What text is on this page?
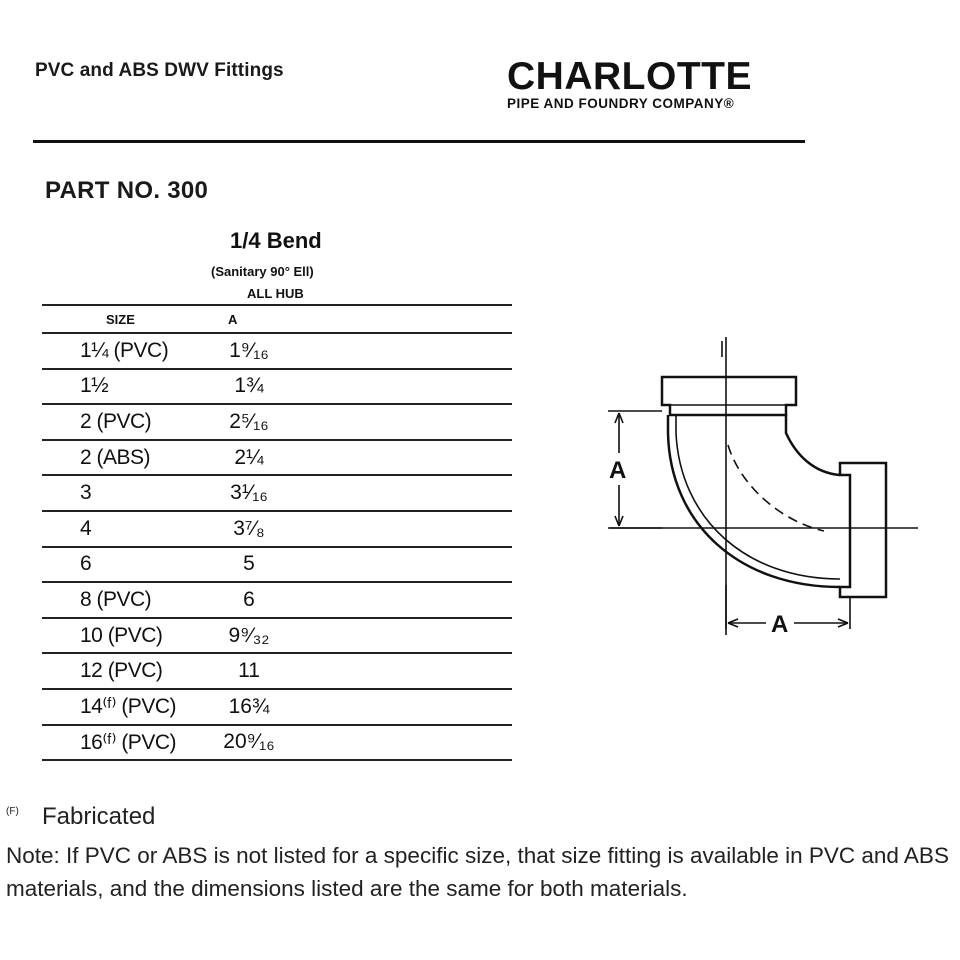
PVC and ABS DWV Fittings	CHARLOTTE
PIPE AND FOUNDRY COMPANY®
PART NO. 300
1/4 Bend
(Sanitary 90° Ell)
ALL HUB
SIZE	A
1¼ (PVC)	1⁹⁄₁₆
1½	1¾
2 (PVC)	2⁵⁄₁₆
2 (ABS)	2¼
3	3¹⁄₁₆
4	3⁷⁄₈
6	5
8 (PVC)	6
10 (PVC)	9⁹⁄₃₂
12 (PVC)	11
14⁽ᶠ⁾ (PVC)	16¾
16⁽ᶠ⁾ (PVC)	20⁹⁄₁₆
A
A
(F) Fabricated
Note: If PVC or ABS is not listed for a specific size, that size fitting is available in PVC and ABS materials, and the dimensions listed are the same for both materials.
